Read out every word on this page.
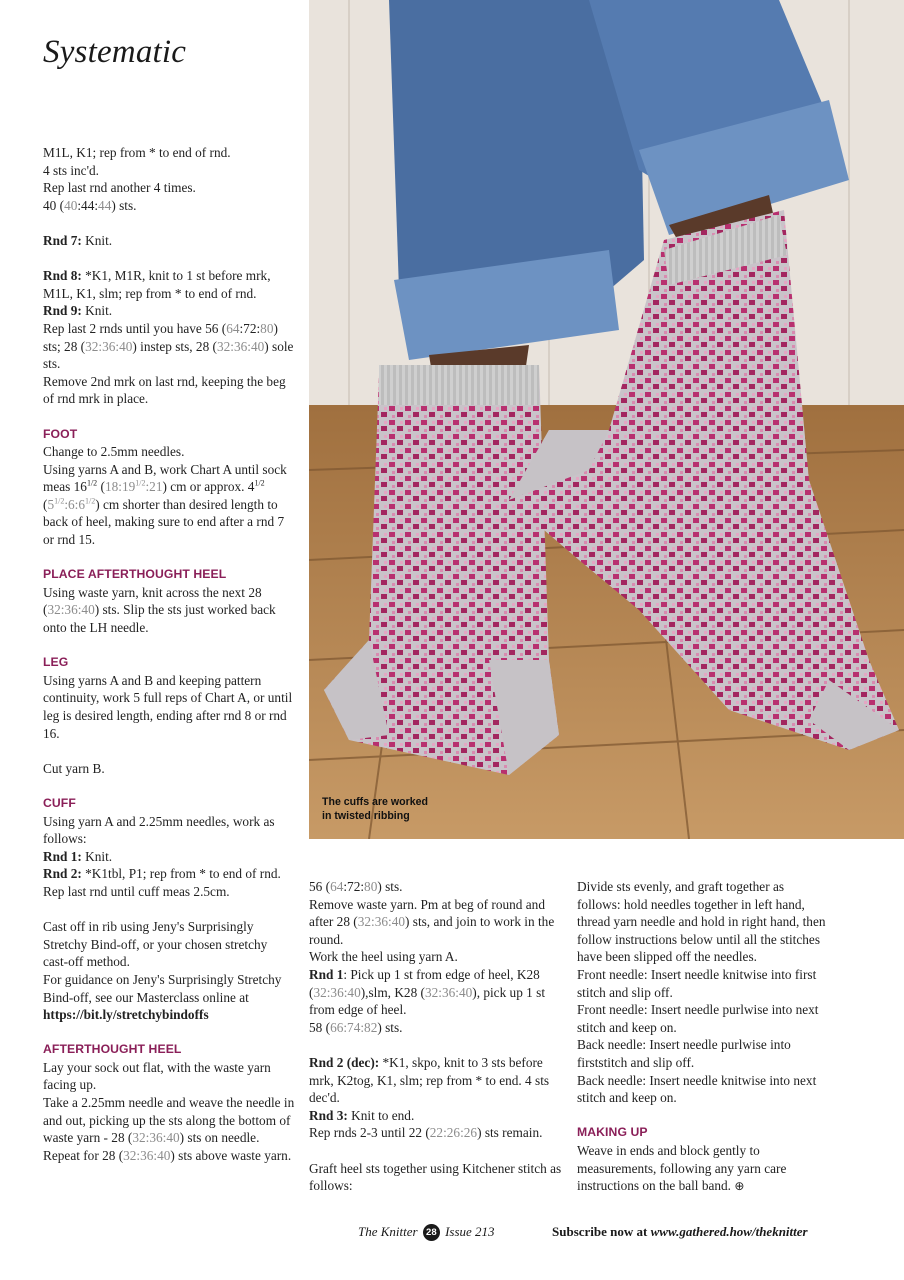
Systematic

M1L, K1; rep from * to end of rnd.
4 sts inc'd.
Rep last rnd another 4 times.
40 (40:44:44) sts.

Rnd 7: Knit.

Rnd 8: *K1, M1R, knit to 1 st before mrk, M1L, K1, slm; rep from * to end of rnd.

Rnd 9: Knit.

Rep last 2 rnds until you have 56 (64:72:80) sts; 28 (32:36:40) instep sts, 28 (32:36:40) sole sts.

Remove 2nd mrk on last rnd, keeping the beg of rnd mrk in place.

FOOT

Change to 2.5mm needles.

Using yarns A and B, work Chart A until sock meas $16^{1/2}$ $(18:19^{1/2}:21)$ cm or approx. $4^{1/2}$ $(5^{1/2}:6:6^{1/2})$ cm shorter than desired length to back of heel, making sure to end after a rnd 7 or rnd 15.

PLACE AFTERTHOUGHT HEEL

Using waste yarn, knit across the next 28 (32:36:40) sts. Slip the sts just worked back onto the LH needle.

LEG

Using yarns A and B and keeping pattern continuity, work 5 full reps of Chart A, or until leg is desired length, ending after rnd 8 or rnd 16.

Cut yarn B.

CUFF

Using yarn A and 2.25mm needles, work as follows:

Rnd 1: Knit.

Rnd 2: *K1tbl, P1; rep from * to end of rnd.

Rep last rnd until cuff meas 2.5cm.

Cast off in rib using Jeny's Surprisingly Stretchy Bind-off, or your chosen stretchy cast-off method.

For guidance on Jeny's Surprisingly Stretchy Bind-off, see our Masterclass online at https://bit.ly/stretchybindoffs

AFTERTHOUGHT HEEL

Lay your sock out flat, with the waste yarn facing up.

Take a 2.25mm needle and weave the needle in and out, picking up the sts along the bottom of waste yarn - 28 (32:36:40) sts on needle.

Repeat for 28 (32:36:40) sts above waste yarn.

The cuffs are worked
in twisted ribbing

56 (64:72:80) sts.

Remove waste yarn. Pm at beg of round and after 28 (32:36:40) sts, and join to work in the round.

Work the heel using yarn A.

Rnd 1: Pick up 1 st from edge of heel, K28 (32:36:40),slm, K28 (32:36:40), pick up 1 st from edge of heel.

58 (66:74:82) sts.

Rnd 2 (dec): *K1, skpo, knit to 3 sts before mrk, K2tog, K1, slm; rep from * to end. 4 sts dec'd.

Rnd 3: Knit to end.

Rep rnds 2-3 until 22 (22:26:26) sts remain.

Graft heel sts together using Kitchener stitch as follows:

Divide sts evenly, and graft together as follows: hold needles together in left hand, thread yarn needle and hold in right hand, then follow instructions below until all the stitches have been slipped off the needles.

Front needle: Insert needle knitwise into first stitch and slip off.

Front needle: Insert needle purlwise into next stitch and keep on.

Back needle: Insert needle purlwise into firststitch and slip off.

Back needle: Insert needle knitwise into next stitch and keep on.

MAKING UP

Weave in ends and block gently to measurements, following any yarn care instructions on the ball band. ⊕

The Knitter 28 Issue 213	Subscribe now at www.gathered.how/theknitter
